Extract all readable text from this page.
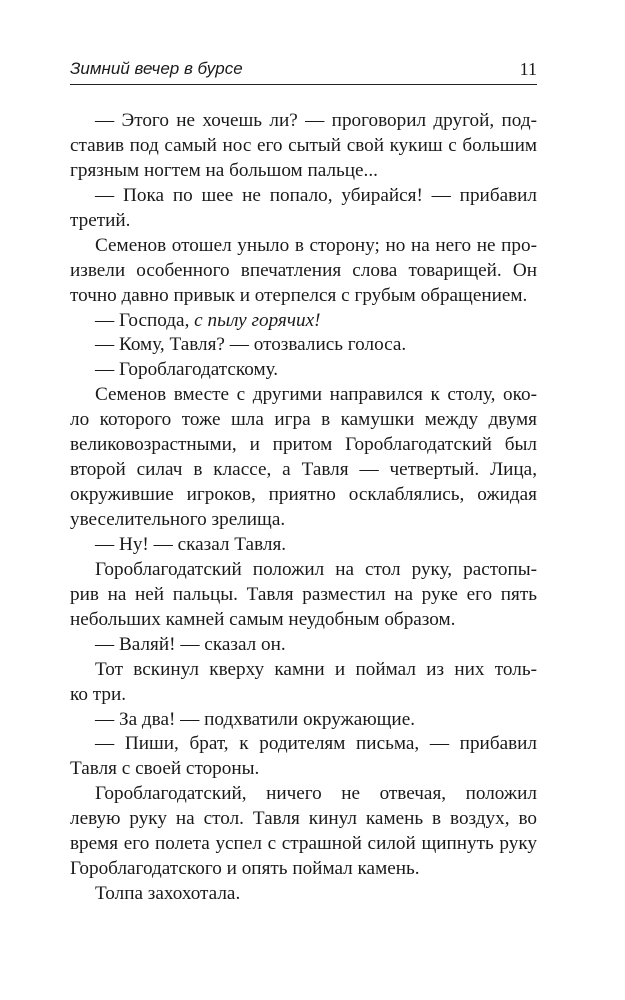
Зимний вечер в бурсе	11
— Этого не хочешь ли? — проговорил другой, под-
ставив под самый нос его сытый свой кукиш с большим
грязным ногтем на большом пальце...
— Пока по шее не попало, убирайся! — прибавил
третий.
Семенов отошел уныло в сторону; но на него не про-
извели особенного впечатления слова товарищей. Он
точно давно привык и отерпелся с грубым обращением.
— Господа, с пылу горячих!
— Кому, Тавля? — отозвались голоса.
— Гороблагодатскому.
Семенов вместе с другими направился к столу, око-
ло которого тоже шла игра в камушки между двумя
великовозрастными, и притом Гороблагодатский был
второй силач в классе, а Тавля — четвертый. Лица,
окружившие игроков, приятно осклаблялись, ожидая
увеселительного зрелища.
— Ну! — сказал Тавля.
Гороблагодатский положил на стол руку, растопы-
рив на ней пальцы. Тавля разместил на руке его пять
небольших камней самым неудобным образом.
— Валяй! — сказал он.
Тот вскинул кверху камни и поймал из них толь-
ко три.
— За два! — подхватили окружающие.
— Пиши, брат, к родителям письма, — прибавил
Тавля с своей стороны.
Гороблагодатский, ничего не отвечая, положил
левую руку на стол. Тавля кинул камень в воздух, во
время его полета успел с страшной силой щипнуть руку
Гороблагодатского и опять поймал камень.
Толпа захохотала.
